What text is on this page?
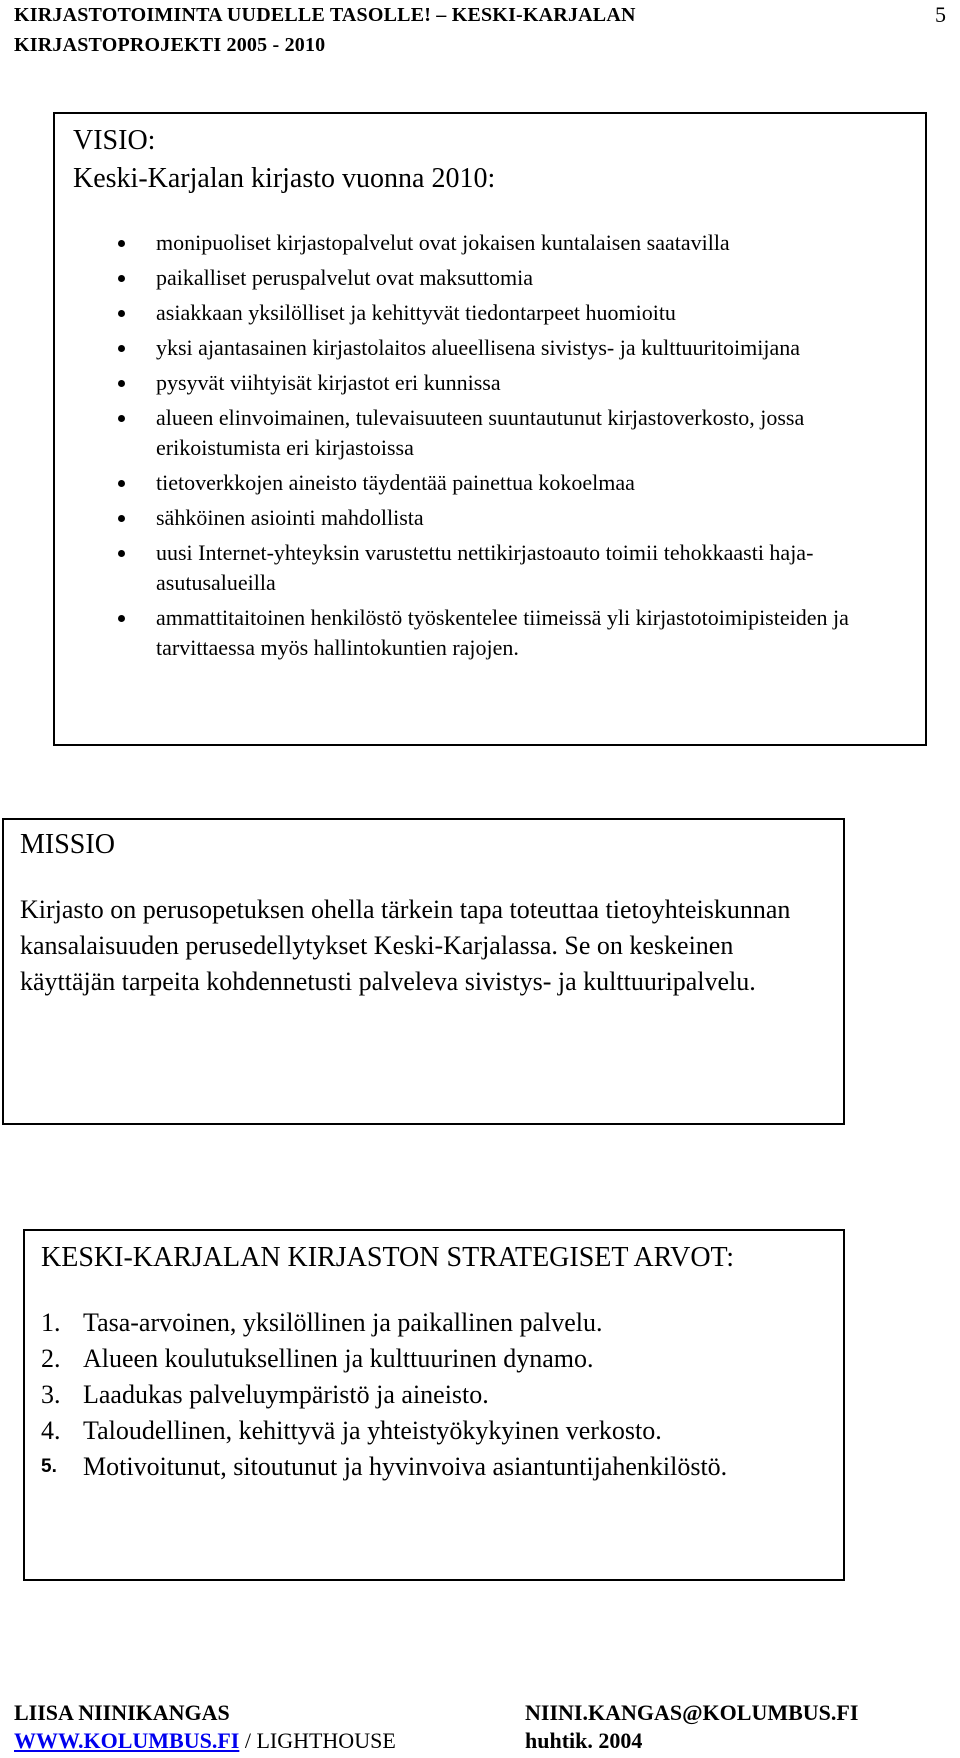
KIRJASTOTOIMINTA UUDELLE TASOLLE! – KESKI-KARJALAN
KIRJASTOPROJEKTI 2005 - 2010
5
VISIO:
Keski-Karjalan kirjasto vuonna 2010:
monipuoliset kirjastopalvelut ovat jokaisen kuntalaisen saatavilla
paikalliset peruspalvelut ovat maksuttomia
asiakkaan yksilölliset ja kehittyvät tiedontarpeet huomioitu
yksi ajantasainen kirjastolaitos alueellisena sivistys- ja kulttuuritoimijana
pysyvät viihtyisät kirjastot eri kunnissa
alueen elinvoimainen, tulevaisuuteen suuntautunut kirjastoverkosto, jossa erikoistumista eri kirjastoissa
tietoverkkojen aineisto täydentää painettua kokoelmaa
sähköinen asiointi mahdollista
uusi Internet-yhteyksin varustettu nettikirjastoauto toimii tehokkaasti haja-asutusalueilla
ammattitaitoinen henkilöstö työskentelee tiimeissä yli kirjastotoimipisteiden ja tarvittaessa myös hallintokuntien rajojen.
MISSIO
Kirjasto on perusopetuksen ohella tärkein tapa toteuttaa tietoyhteiskunnan kansalaisuuden perusedellytykset Keski-Karjalassa. Se on keskeinen käyttäjän tarpeita kohdennetusti palveleva sivistys- ja kulttuuripalvelu.
KESKI-KARJALAN KIRJASTON STRATEGISET ARVOT:
1. Tasa-arvoinen, yksilöllinen ja paikallinen palvelu.
2. Alueen koulutuksellinen ja kulttuurinen dynamo.
3. Laadukas palveluympäristö ja aineisto.
4. Taloudellinen, kehittyvä ja yhteistyökykyinen verkosto.
5. Motivoitunut, sitoutunut ja hyvinvoiva asiantuntijahenkilöstö.
LIISA NIINIKANGAS	NIINI.KANGAS@KOLUMBUS.FI
WWW.KOLUMBUS.FI / LIGHTHOUSE	huhtik. 2004
